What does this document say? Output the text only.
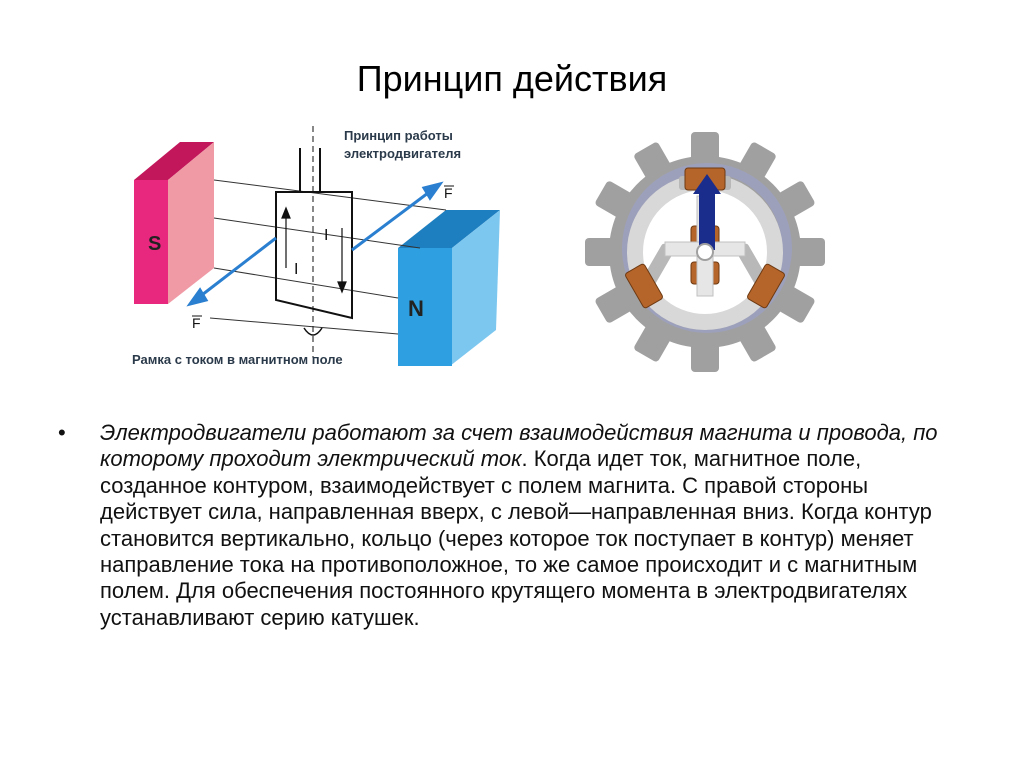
Принцип действия
S
N
I
I
F
F
Принцип работы
электродвигателя
Рамка с током в магнитном поле
•	Электродвигатели работают за счет взаимодействия магнита и провода, по которому проходит электрический ток. Когда идет ток, магнитное поле, созданное контуром, взаимодействует с полем магнита. С правой стороны действует сила, направленная вверх, с левой—направленная вниз. Когда контур становится вертикально, кольцо (через которое ток поступает в контур) меняет направление тока на противоположное, то же самое происходит и с магнитным полем. Для обеспечения постоянного крутящего момента в электродвигателях устанавливают серию катушек.
